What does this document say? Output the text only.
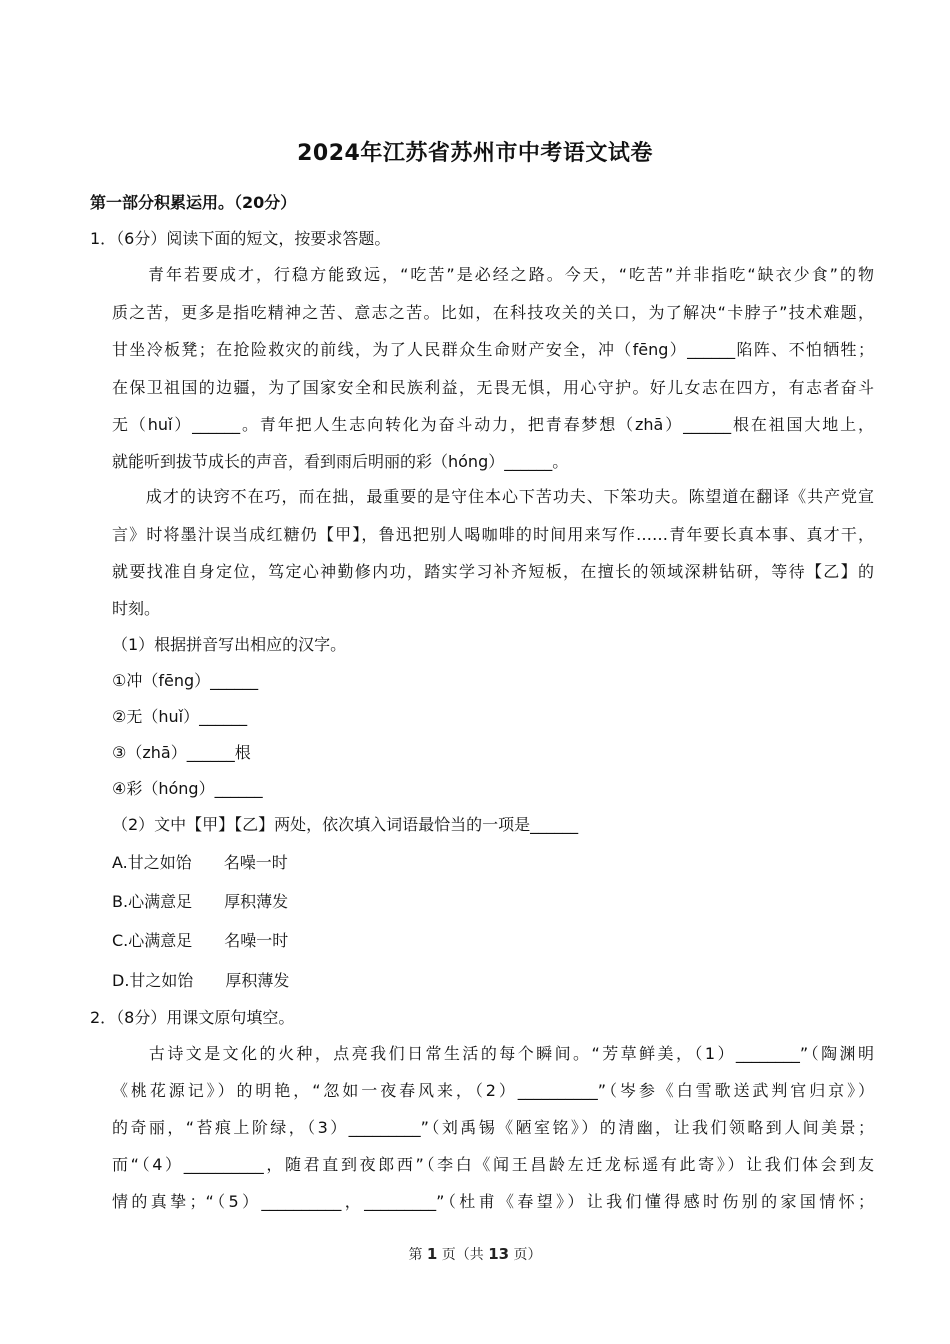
2024年江苏省苏州市中考语文试卷
第一部分积累运用。（20分）
1．（6分）阅读下面的短文，按要求答题。
　　青年若要成才，行稳方能致远，“吃苦”是必经之路。今天，“吃苦”并非指吃“缺衣少食”的物
质之苦，更多是指吃精神之苦、意志之苦。比如，在科技攻关的关口，为了解决“卡脖子”技术难题，
甘坐冷板凳；在抢险救灾的前线，为了人民群众生命财产安全，冲（fēng）______陷阵、不怕牺牲；
在保卫祖国的边疆，为了国家安全和民族利益，无畏无惧，用心守护。好儿女志在四方，有志者奋斗
无（huǐ）______。青年把人生志向转化为奋斗动力，把青春梦想（zhā）______根在祖国大地上，
就能听到拔节成长的声音，看到雨后明丽的彩（hóng）______。
　　成才的诀窍不在巧，而在拙，最重要的是守住本心下苦功夫、下笨功夫。陈望道在翻译《共产党宣
言》时将墨汁误当成红糖仍【甲】，鲁迅把别人喝咖啡的时间用来写作……青年要长真本事、真才干，
就要找准自身定位，笃定心神勤修内功，踏实学习补齐短板，在擅长的领域深耕钻研，等待【乙】的
时刻。
（1）根据拼音写出相应的汉字。
①冲（fēng）______
②无（huǐ）______
③（zhā）______根
④彩（hóng）______
（2）文中【甲】【乙】两处，依次填入词语最恰当的一项是______
A.甘之如饴　　名噪一时
B.心满意足　　厚积薄发
C.心满意足　　名噪一时
D.甘之如饴　　厚积薄发
2．（8分）用课文原句填空。
　　古诗文是文化的火种，点亮我们日常生活的每个瞬间。“芳草鲜美，（1）________”（陶渊明
《桃花源记》）的明艳，“忽如一夜春风来，（2）__________”（岑参《白雪歌送武判官归京》）
的奇丽，“苔痕上阶绿，（3）_________”（刘禹锡《陋室铭》）的清幽，让我们领略到人间美景；
而“（4）__________，随君直到夜郎西”（李白《闻王昌龄左迁龙标遥有此寄》）让我们体会到友
情的真挚；“（5）__________，_________”（杜甫《春望》）让我们懂得感时伤别的家国情怀；
第 1 页（共 13 页）
